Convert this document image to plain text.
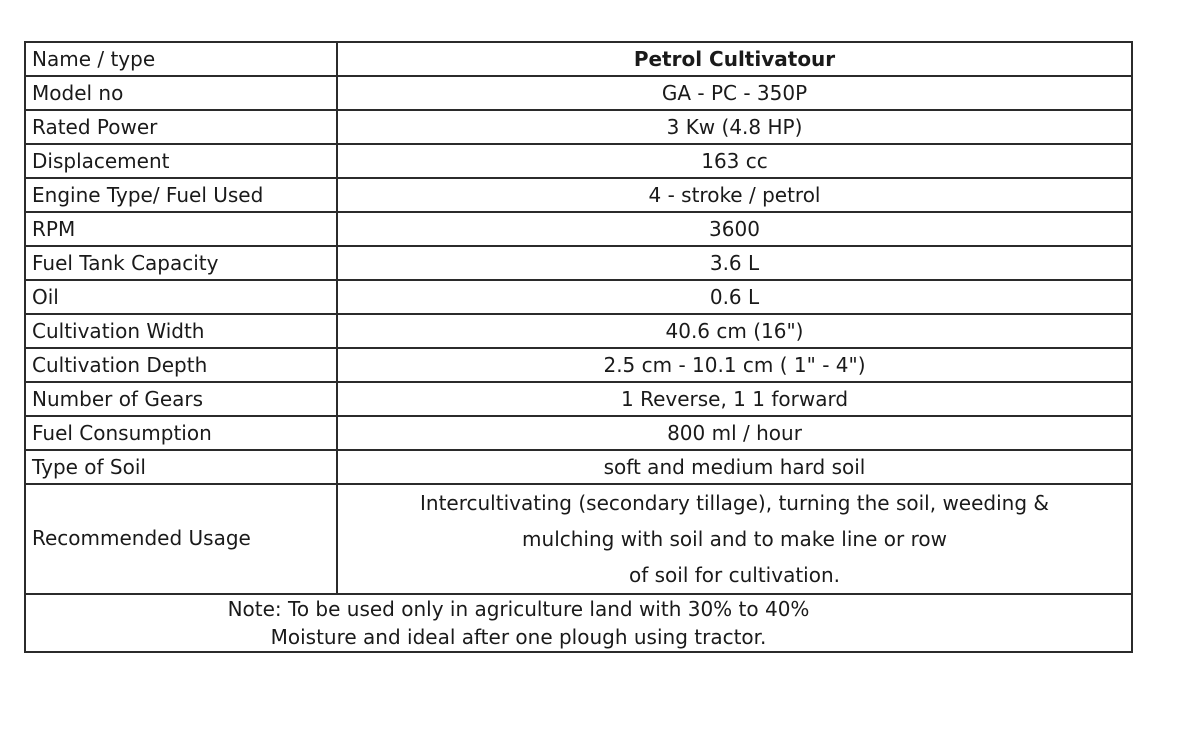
Name / type	Petrol Cultivatour
Model no	GA - PC - 350P
Rated Power	3 Kw (4.8 HP)
Displacement	163 cc
Engine Type/ Fuel Used	4 - stroke / petrol
RPM	3600
Fuel Tank Capacity	3.6 L
Oil	0.6 L
Cultivation Width	40.6 cm (16")
Cultivation Depth	2.5 cm - 10.1 cm ( 1" - 4")
Number of Gears	1 Reverse, 1 1 forward
Fuel Consumption	800 ml / hour
Type of Soil	soft and medium hard soil
Recommended Usage	Intercultivating (secondary tillage), turning the soil, weeding &
mulching with soil and to make line or row
of soil for cultivation.

Note: To be used only in agriculture land with 30% to 40%
Moisture and ideal after one plough using tractor.	
